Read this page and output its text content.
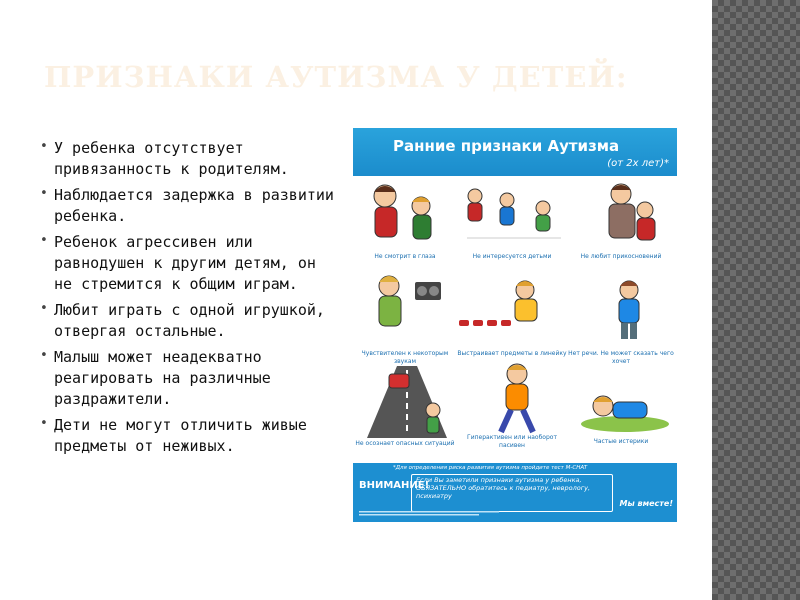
ПРИЗНАКИ АУТИЗМА У ДЕТЕЙ:
• У ребенка отсутствует привязанность к родителям.
• Наблюдается задержка в развитии ребенка.
• Ребенок агрессивен или равнодушен к другим детям, он не стремится к общим играм.
• Любит играть с одной игрушкой, отвергая остальные.
• Малыш может неадекватно реагировать на различные раздражители.
• Дети не могут отличить живые предметы от неживых.
Ранние признаки Аутизма
(от 2х лет)*
Не смотрит в глаза	Не интересуется детьми	Не любит прикосновений
Чувствителен к некоторым звукам
Выстраивает предметы в линейку Нет речи. Не может сказать чего хочет
Не осознает опасных ситуаций
Гиперактивен или наоборот пасивен
Частые истерики
*Для определения риска развития аутизма пройдите тест M-CHAT
ВНИМАНИЕ!
Если Вы заметили признаки аутизма у ребенка, ОБЯЗАТЕЛЬНО обратитесь к педиатру, неврологу, психиатру
Мы вместе!
